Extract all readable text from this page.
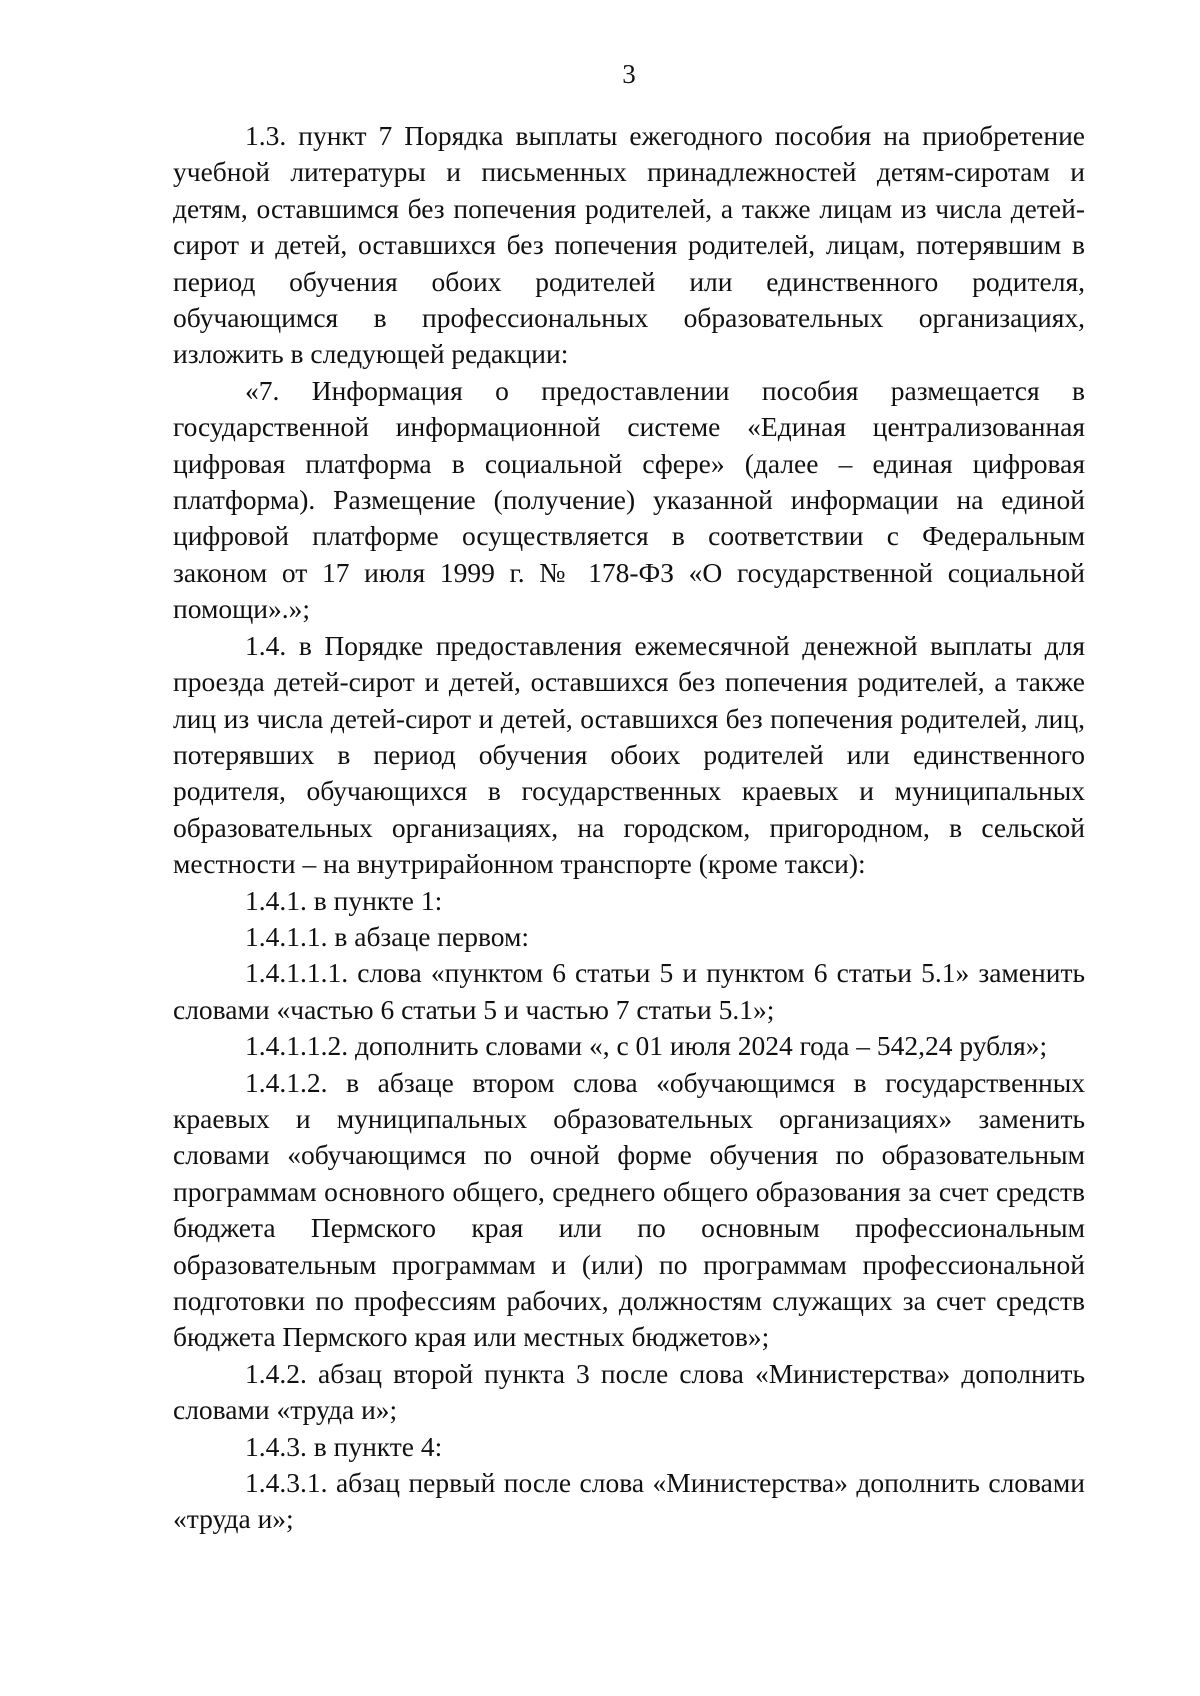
3

1.3. пункт 7 Порядка выплаты ежегодного пособия на приобретение учебной литературы и письменных принадлежностей детям-сиротам и детям, оставшимся без попечения родителей, а также лицам из числа детей-сирот и детей, оставшихся без попечения родителей, лицам, потерявшим в период обучения обоих родителей или единственного родителя, обучающимся в профессиональных образовательных организациях, изложить в следующей редакции:

«7. Информация о предоставлении пособия размещается в государственной информационной системе «Единая централизованная цифровая платформа в социальной сфере» (далее – единая цифровая платформа). Размещение (получение) указанной информации на единой цифровой платформе осуществляется в соответствии с Федеральным законом от 17 июля 1999 г. № 178-ФЗ «О государственной социальной помощи».»;

1.4. в Порядке предоставления ежемесячной денежной выплаты для проезда детей-сирот и детей, оставшихся без попечения родителей, а также лиц из числа детей-сирот и детей, оставшихся без попечения родителей, лиц, потерявших в период обучения обоих родителей или единственного родителя, обучающихся в государственных краевых и муниципальных образовательных организациях, на городском, пригородном, в сельской местности – на внутрирайонном транспорте (кроме такси):

1.4.1. в пункте 1:

1.4.1.1. в абзаце первом:

1.4.1.1.1. слова «пунктом 6 статьи 5 и пунктом 6 статьи 5.1» заменить словами «частью 6 статьи 5 и частью 7 статьи 5.1»;

1.4.1.1.2. дополнить словами «, с 01 июля 2024 года – 542,24 рубля»;

1.4.1.2. в абзаце втором слова «обучающимся в государственных краевых и муниципальных образовательных организациях» заменить словами «обучающимся по очной форме обучения по образовательным программам основного общего, среднего общего образования за счет средств бюджета Пермского края или по основным профессиональным образовательным программам и (или) по программам профессиональной подготовки по профессиям рабочих, должностям служащих за счет средств бюджета Пермского края или местных бюджетов»;

1.4.2. абзац второй пункта 3 после слова «Министерства» дополнить словами «труда и»;

1.4.3. в пункте 4:

1.4.3.1. абзац первый после слова «Министерства» дополнить словами «труда и»;
